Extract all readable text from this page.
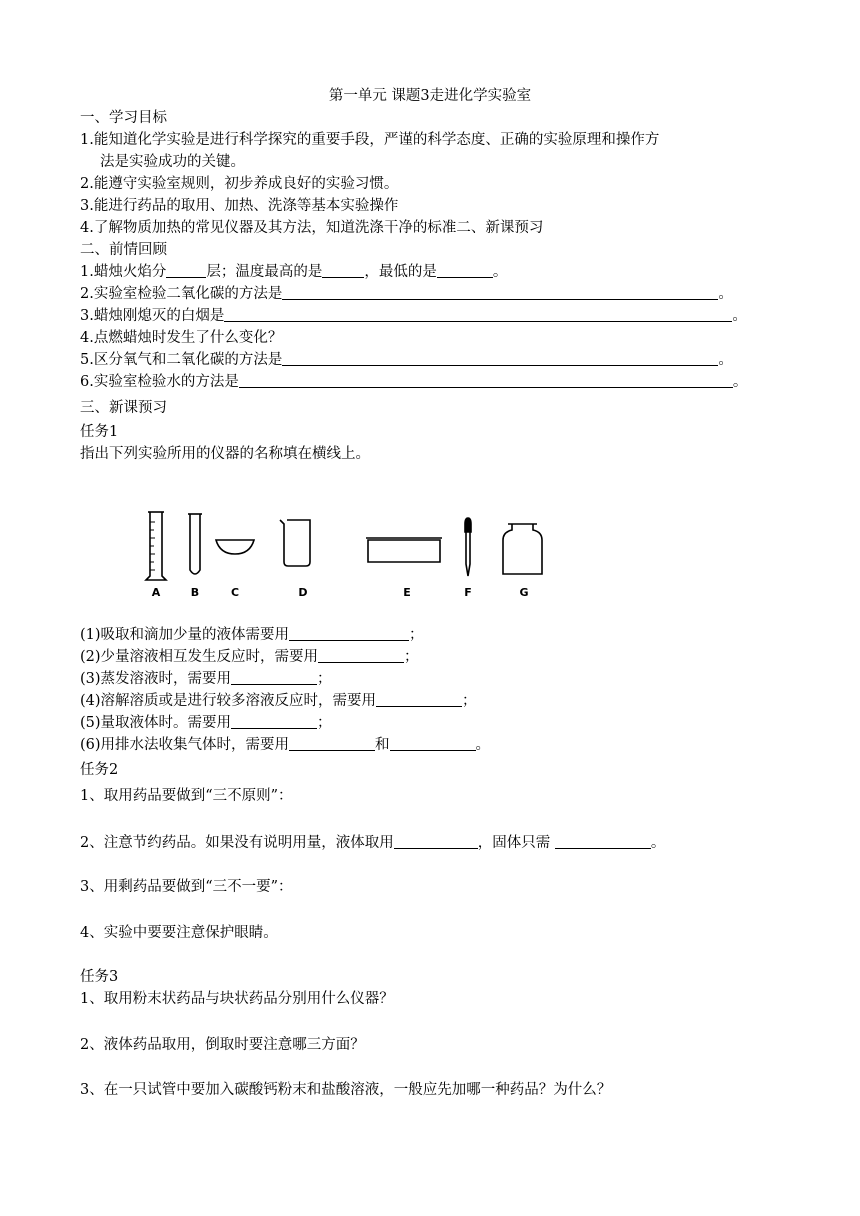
第一单元 课题3走进化学实验室
一、学习目标
1.能知道化学实验是进行科学探究的重要手段，严谨的科学态度、正确的实验原理和操作方
法是实验成功的关键。
2.能遵守实验室规则，初步养成良好的实验习惯。
3.能进行药品的取用、加热、洗涤等基本实验操作
4.了解物质加热的常见仪器及其方法，知道洗涤干净的标准二、新课预习
二、前情回顾
1.蜡烛火焰分	层；温度最高的是	，最低的是	。
2.实验室检验二氧化碳的方法是	。
3.蜡烛刚熄灭的白烟是	。
4.点燃蜡烛时发生了什么变化？
5.区分氧气和二氧化碳的方法是	。
6.实验室检验水的方法是	。
三、新课预习
任务1
指出下列实验所用的仪器的名称填在横线上。
A	B	C	D	E	F	G
(1)吸取和滴加少量的液体需要用	；
(2)少量溶液相互发生反应时，需要用	；
(3)蒸发溶液时，需要用	；
(4)溶解溶质或是进行较多溶液反应时，需要用	；
(5)量取液体时。需要用	；
(6)用排水法收集气体时，需要用	和	。
任务2
1、取用药品要做到“三不原则”：
2、注意节约药品。如果没有说明用量，液体取用	，固体只需	。
3、用剩药品要做到“三不一要”：
4、实验中要要注意保护眼睛。
任务3
1、取用粉末状药品与块状药品分别用什么仪器？
2、液体药品取用，倒取时要注意哪三方面？
3、在一只试管中要加入碳酸钙粉末和盐酸溶液，一般应先加哪一种药品？为什么？
